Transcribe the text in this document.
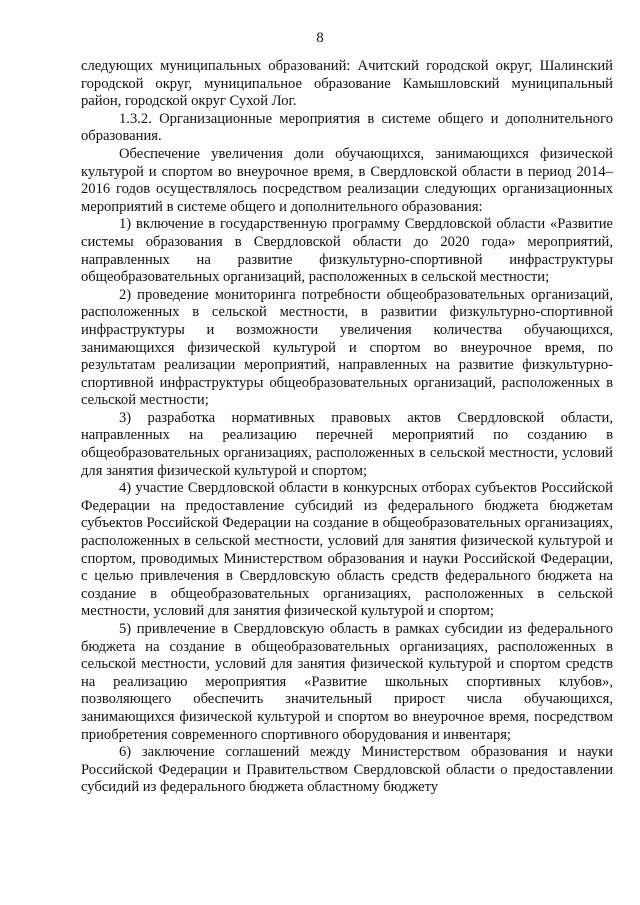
8

следующих муниципальных образований: Ачитский городской округ, Шалинский городской округ, муниципальное образование Камышловский муниципальный район, городской округ Сухой Лог.

1.3.2. Организационные мероприятия в системе общего и дополнительного образования.

Обеспечение увеличения доли обучающихся, занимающихся физической культурой и спортом во внеурочное время, в Свердловской области в период 2014–2016 годов осуществлялось посредством реализации следующих организационных мероприятий в системе общего и дополнительного образования:

1) включение в государственную программу Свердловской области «Развитие системы образования в Свердловской области до 2020 года» мероприятий, направленных на развитие физкультурно-спортивной инфраструктуры общеобразовательных организаций, расположенных в сельской местности;

2) проведение мониторинга потребности общеобразовательных организаций, расположенных в сельской местности, в развитии физкультурно-спортивной инфраструктуры и возможности увеличения количества обучающихся, занимающихся физической культурой и спортом во внеурочное время, по результатам реализации мероприятий, направленных на развитие физкультурно-спортивной инфраструктуры общеобразовательных организаций, расположенных в сельской местности;

3) разработка нормативных правовых актов Свердловской области, направленных на реализацию перечней мероприятий по созданию в общеобразовательных организациях, расположенных в сельской местности, условий для занятия физической культурой и спортом;

4) участие Свердловской области в конкурсных отборах субъектов Российской Федерации на предоставление субсидий из федерального бюджета бюджетам субъектов Российской Федерации на создание в общеобразовательных организациях, расположенных в сельской местности, условий для занятия физической культурой и спортом, проводимых Министерством образования и науки Российской Федерации, с целью привлечения в Свердловскую область средств федерального бюджета на создание в общеобразовательных организациях, расположенных в сельской местности, условий для занятия физической культурой и спортом;

5) привлечение в Свердловскую область в рамках субсидии из федерального бюджета на создание в общеобразовательных организациях, расположенных в сельской местности, условий для занятия физической культурой и спортом средств на реализацию мероприятия «Развитие школьных спортивных клубов», позволяющего обеспечить значительный прирост числа обучающихся, занимающихся физической культурой и спортом во внеурочное время, посредством приобретения современного спортивного оборудования и инвентаря;

6) заключение соглашений между Министерством образования и науки Российской Федерации и Правительством Свердловской области о предоставлении субсидий из федерального бюджета областному бюджету
